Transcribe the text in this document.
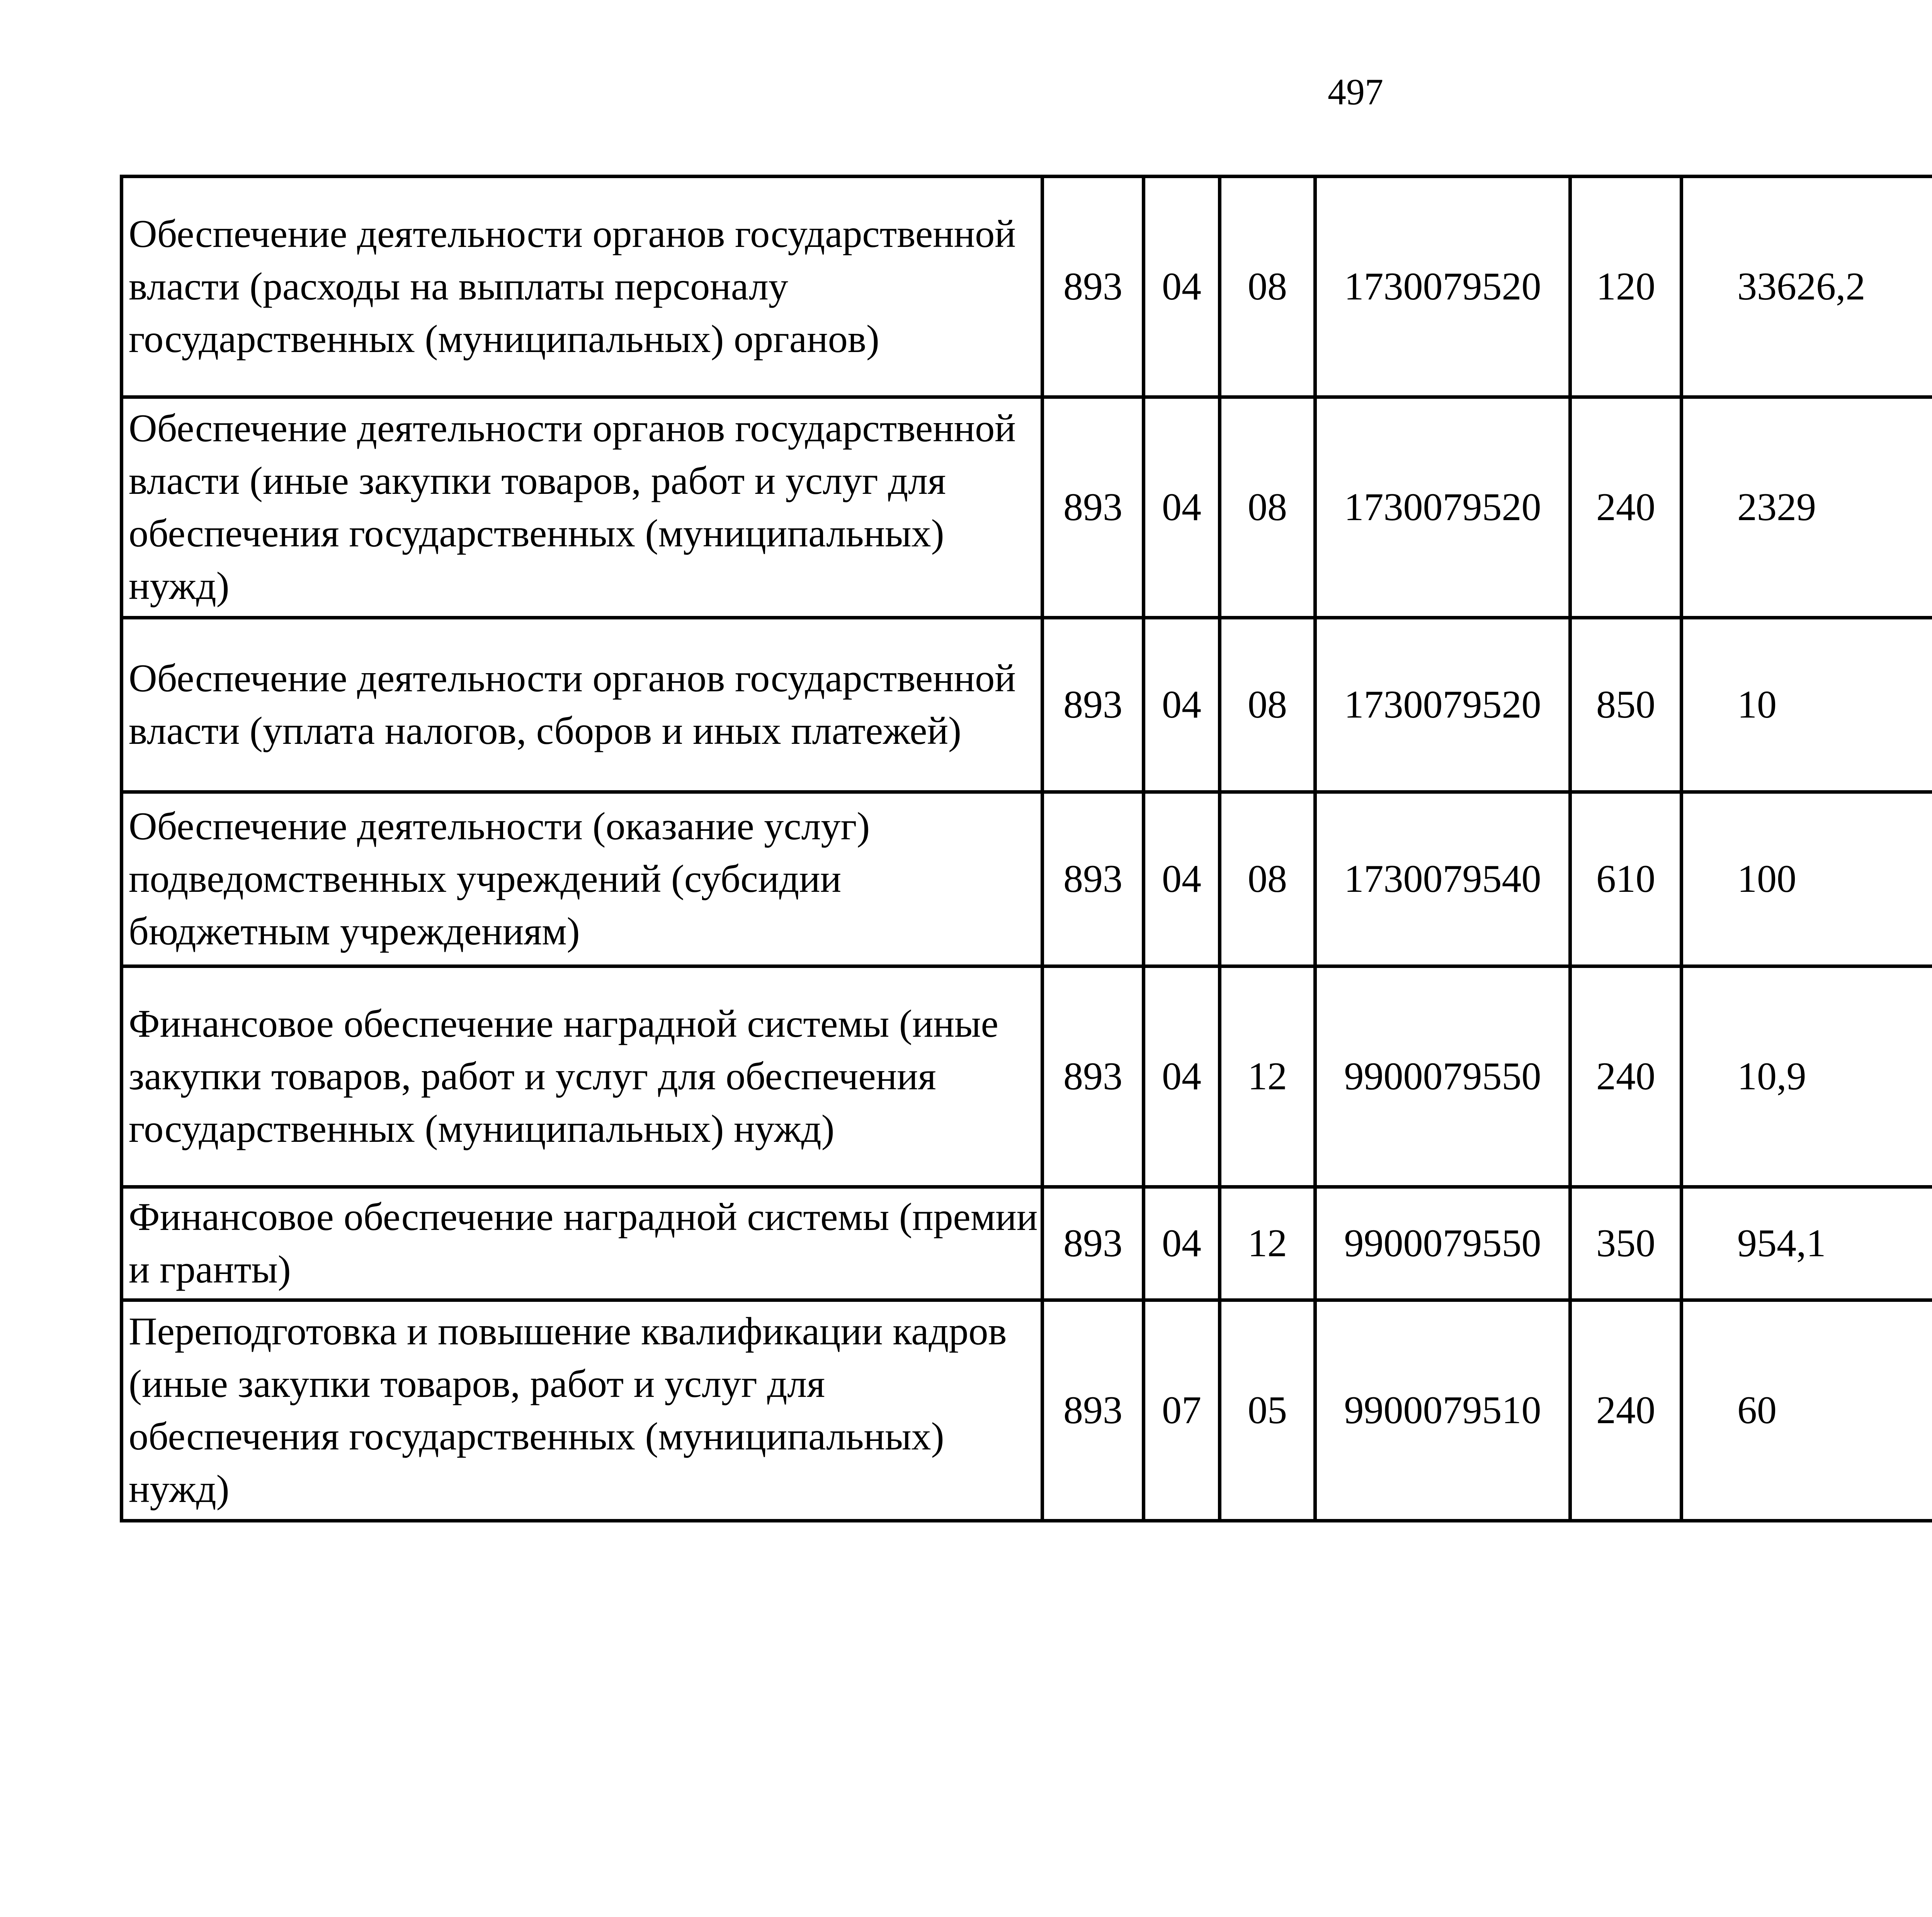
497
Обеспечение деятельности органов государственной власти (расходы на выплаты персоналу государственных (муниципальных) органов)	893	04	08	1730079520	120	33626,2		
Обеспечение деятельности органов государственной власти (иные закупки товаров, работ и услуг для обеспечения государственных (муниципальных) нужд)	893	04	08	1730079520	240	2329		
Обеспечение деятельности органов государственной власти (уплата налогов, сборов и иных платежей)	893	04	08	1730079520	850	10		
Обеспечение деятельности (оказание услуг) подведомственных учреждений (субсидии бюджетным учреждениям)	893	04	08	1730079540	610	100		
Финансовое обеспечение наградной системы (иные закупки товаров, работ и услуг для обеспечения государственных (муниципальных) нужд)	893	04	12	9900079550	240	10,9		
Финансовое обеспечение наградной системы (премии и гранты)	893	04	12	9900079550	350	954,1		
Переподготовка и повышение квалификации кадров (иные закупки товаров, работ и услуг для обеспечения государственных (муниципальных) нужд)	893	07	05	9900079510	240	60		
